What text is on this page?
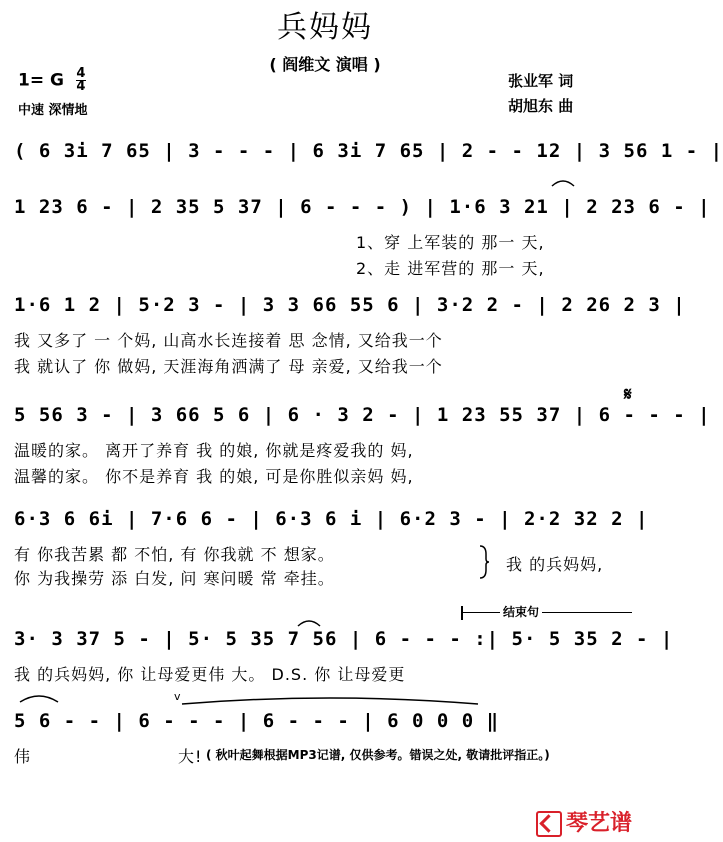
兵妈妈
( 阎维文 演唱 )
1= G $\frac{4}{4}$
中速 深情地
张业军 词
胡旭东 曲
( 6 3i 7 65 | 3 - - - | 6 3i 7 65 | 2 - - 12 | 3 56 1 - |
1 23 6 - | 2 35 5 37 | 6 - - - ) | 1·6 3 21 | 2 23 6 - |
1、穿 上军装的 那一 天,
2、走 进军营的 那一 天,
1·6 1 2 | 5·2 3 - | 3 3 66 55 6 | 3·2 2 - | 2 26 2 3 |
我 又多了 一 个妈, 山高水长连接着 思 念情, 又给我一个
我 就认了 你 做妈, 天涯海角洒满了 母 亲爱, 又给我一个
𝄋
5 56 3 - | 3 66 5 6 | 6 · 3 2 - | 1 23 55 37 | 6 - - - |
温暖的家。 离开了养育 我 的娘, 你就是疼爱我的 妈,
温馨的家。 你不是养育 我 的娘, 可是你胜似亲妈 妈,
6·3 6 6i | 7·6 6 - | 6·3 6 i | 6·2 3 - | 2·2 32 2 |
有 你我苦累 都 不怕, 有 你我就 不 想家。
你 为我操劳 添 白发, 问 寒问暖 常 牵挂。
我 的兵妈妈,
结束句
3· 3 37 5 - | 5· 5 35 7 56 | 6 - - - :| 5· 5 35 2 - |
我 的兵妈妈, 你 让母爱更伟 大。 D.S. 你 让母爱更
v
5 6 - - | 6 - - - | 6 - - - | 6 0 0 0 ‖
伟	大! ( 秋叶起舞根据MP3记谱, 仅供参考。错误之处, 敬请批评指正。)
琴艺谱
